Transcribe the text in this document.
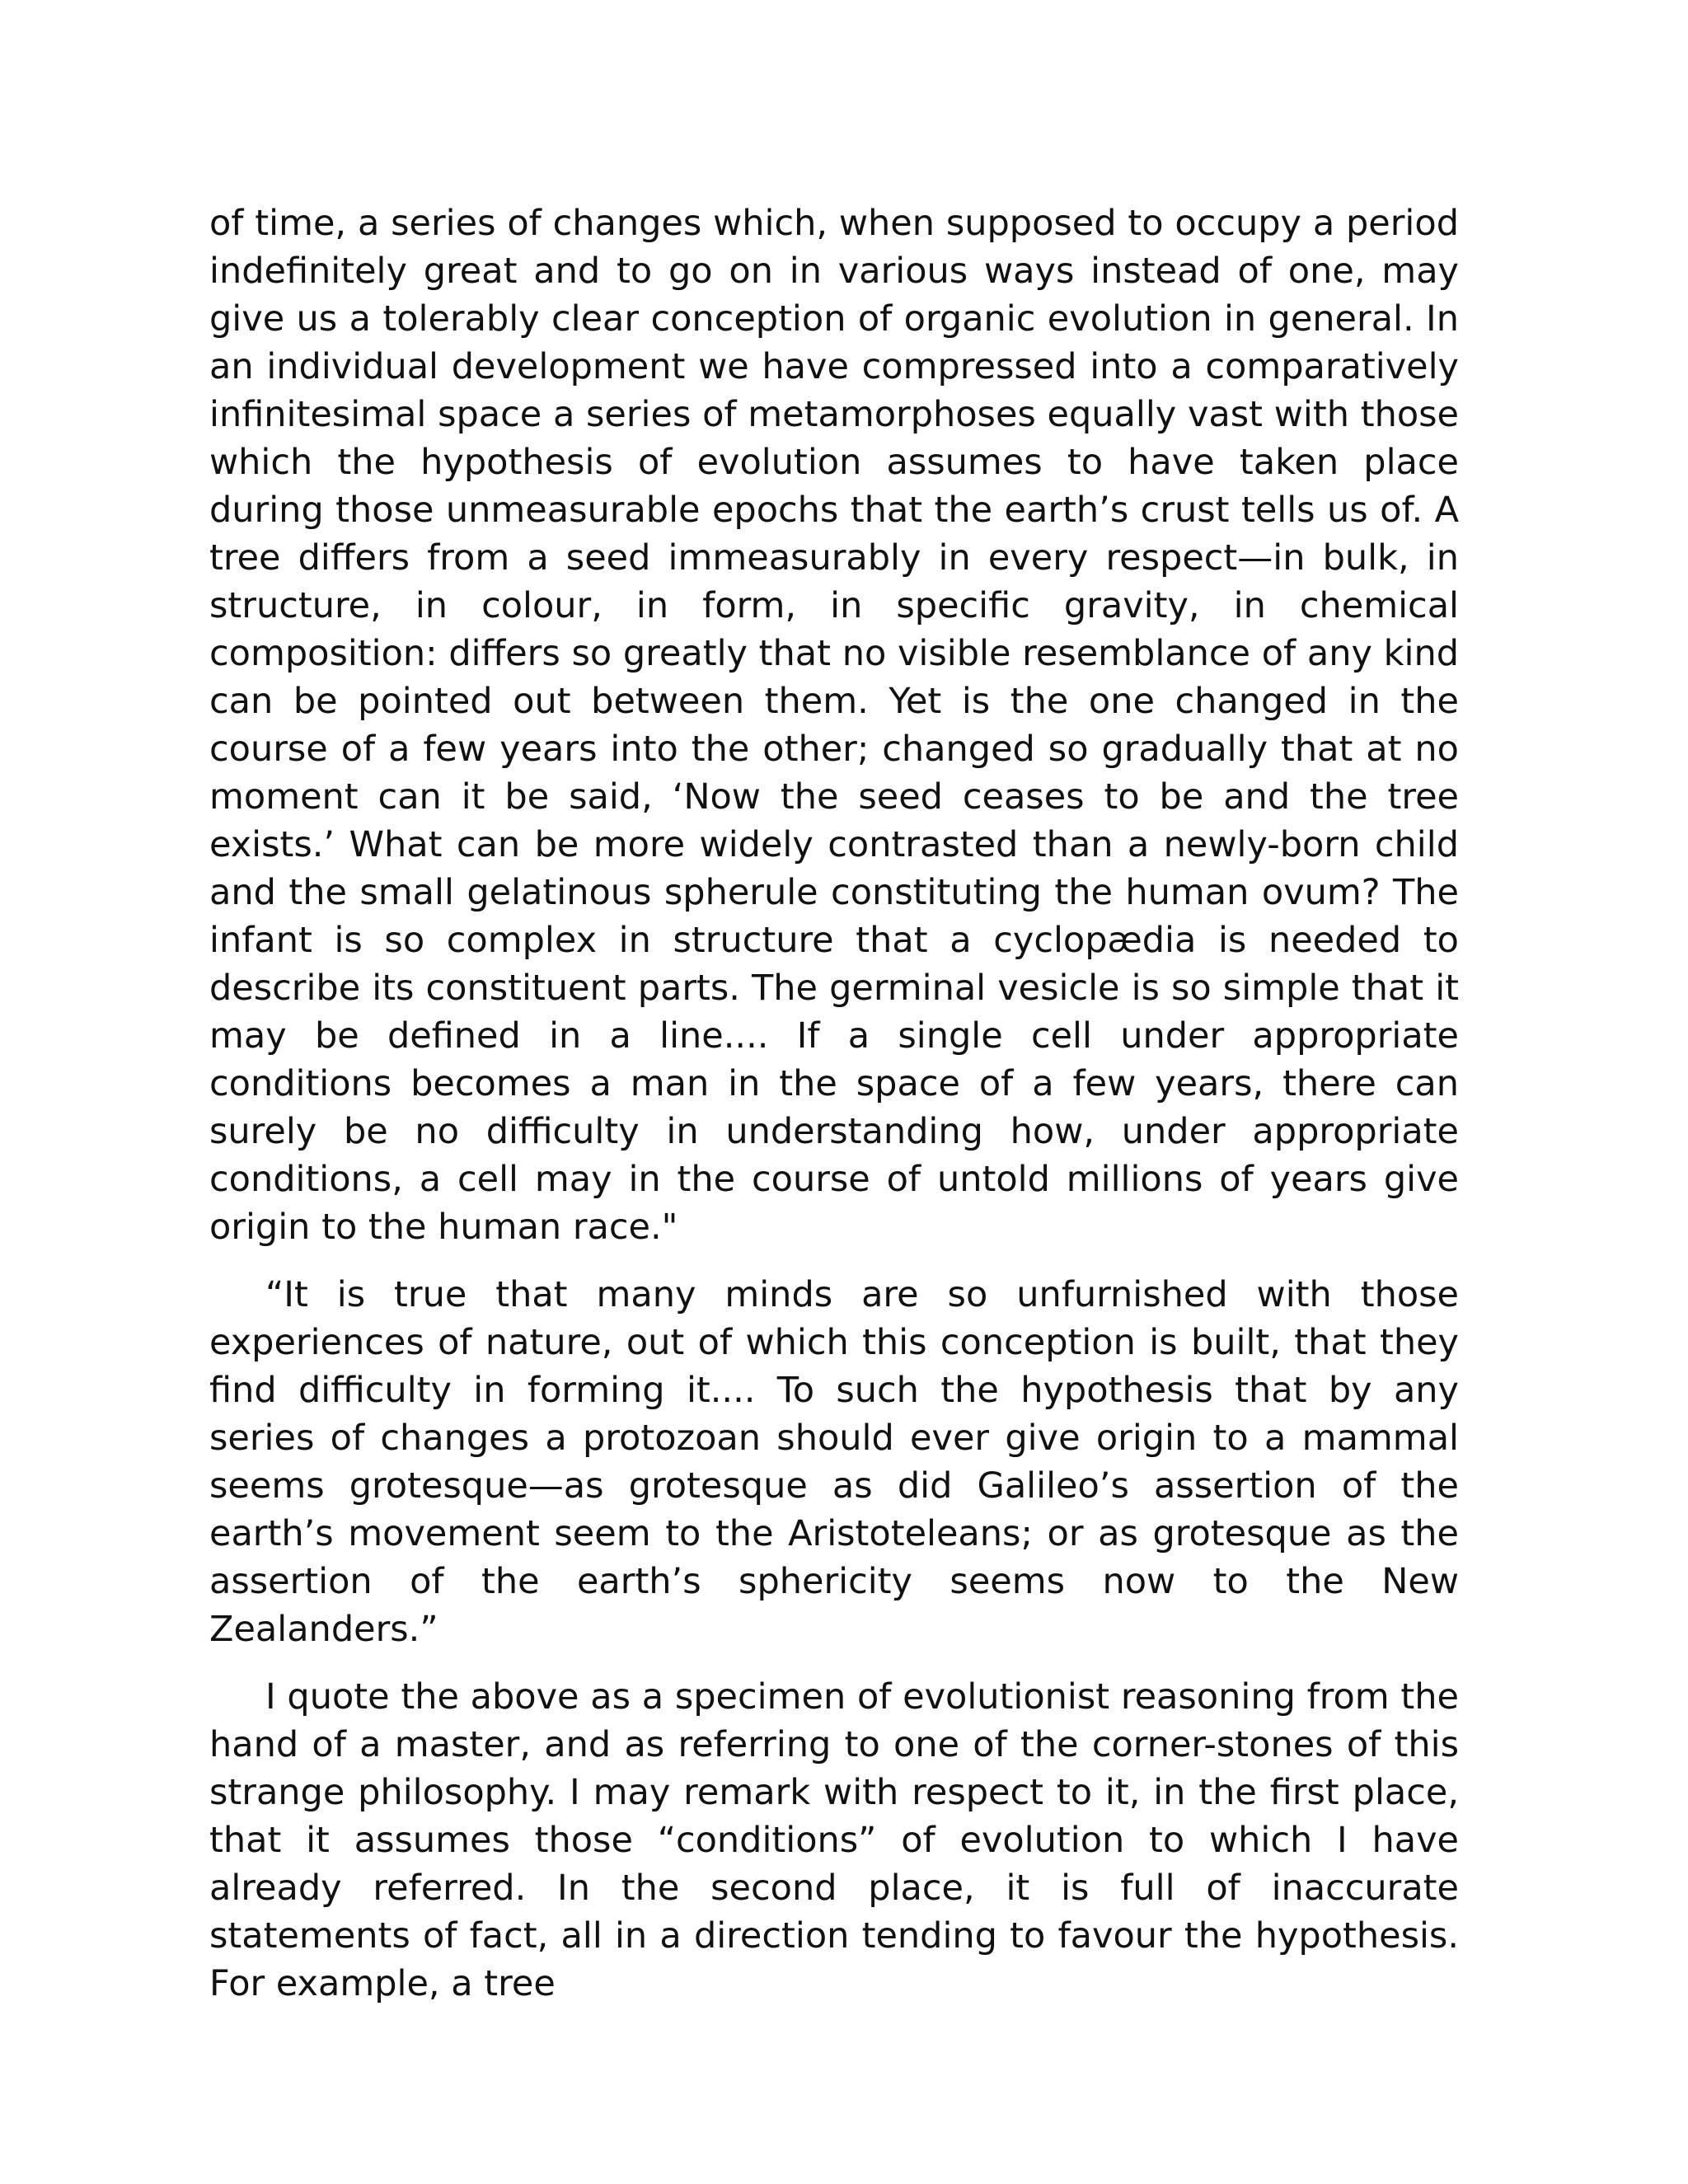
of time, a series of changes which, when supposed to occupy a period indefinitely great and to go on in various ways instead of one, may give us a tolerably clear conception of organic evolution in general. In an individual development we have compressed into a comparatively infinitesimal space a series of metamorphoses equally vast with those which the hypothesis of evolution assumes to have taken place during those unmeasurable epochs that the earth’s crust tells us of. A tree differs from a seed immeasurably in every respect—in bulk, in structure, in colour, in form, in specific gravity, in chemical composition: differs so greatly that no visible resemblance of any kind can be pointed out between them. Yet is the one changed in the course of a few years into the other; changed so gradually that at no moment can it be said, ‘Now the seed ceases to be and the tree exists.’ What can be more widely contrasted than a newly-born child and the small gelatinous spherule constituting the human ovum? The infant is so complex in structure that a cyclopædia is needed to describe its constituent parts. The germinal vesicle is so simple that it may be defined in a line.... If a single cell under appropriate conditions becomes a man in the space of a few years, there can surely be no difficulty in understanding how, under appropriate conditions, a cell may in the course of untold millions of years give origin to the human race."

“It is true that many minds are so unfurnished with those experiences of nature, out of which this conception is built, that they find difficulty in forming it.... To such the hypothesis that by any series of changes a protozoan should ever give origin to a mammal seems grotesque—as grotesque as did Galileo’s assertion of the earth’s movement seem to the Aristoteleans; or as grotesque as the assertion of the earth’s sphericity seems now to the New Zealanders.”

I quote the above as a specimen of evolutionist reasoning from the hand of a master, and as referring to one of the corner-stones of this strange philosophy. I may remark with respect to it, in the first place, that it assumes those “conditions” of evolution to which I have already referred. In the second place, it is full of inaccurate statements of fact, all in a direction tending to favour the hypothesis. For example, a tree
